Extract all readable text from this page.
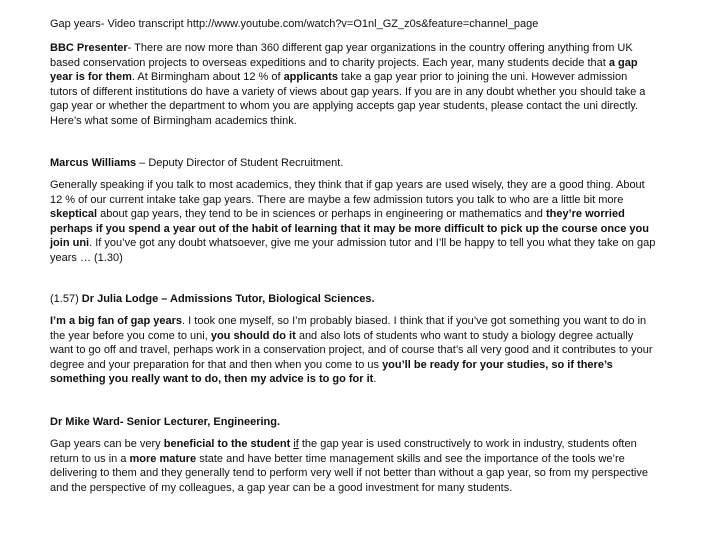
Gap years- Video transcript http://www.youtube.com/watch?v=O1nl_GZ_z0s&feature=channel_page

BBC Presenter- There are now more than 360 different gap year organizations in the country offering anything from UK based conservation projects to overseas expeditions and to charity projects. Each year, many students decide that a gap year is for them. At Birmingham about 12 % of applicants take a gap year prior to joining the uni. However admission tutors of different institutions do have a variety of views about gap years. If you are in any doubt whether you should take a gap year or whether the department to whom you are applying accepts gap year students, please contact the uni directly. Here’s what some of Birmingham academics think.

Marcus Williams – Deputy Director of Student Recruitment.

Generally speaking if you talk to most academics, they think that if gap years are used wisely, they are a good thing. About 12 % of our current intake take gap years. There are maybe a few admission tutors you talk to who are a little bit more skeptical about gap years, they tend to be in sciences or perhaps in engineering or mathematics and they’re worried perhaps if you spend a year out of the habit of learning that it may be more difficult to pick up the course once you join uni. If you’ve got any doubt whatsoever, give me your admission tutor and I’ll be happy to tell you what they take on gap years … (1.30)

(1.57) Dr Julia Lodge – Admissions Tutor, Biological Sciences.

I’m a big fan of gap years. I took one myself, so I’m probably biased. I think that if you’ve got something you want to do in the year before you come to uni, you should do it and also lots of students who want to study a biology degree actually want to go off and travel, perhaps work in a conservation project, and of course that’s all very good and it contributes to your degree and your preparation for that and then when you come to us you’ll be ready for your studies, so if there’s something you really want to do, then my advice is to go for it.

Dr Mike Ward- Senior Lecturer, Engineering.

Gap years can be very beneficial to the student if the gap year is used constructively to work in industry, students often return to us in a more mature state and have better time management skills and see the importance of the tools we’re delivering to them and they generally tend to perform very well if not better than without a gap year, so from my perspective and the perspective of my colleagues, a gap year can be a good investment for many students.
